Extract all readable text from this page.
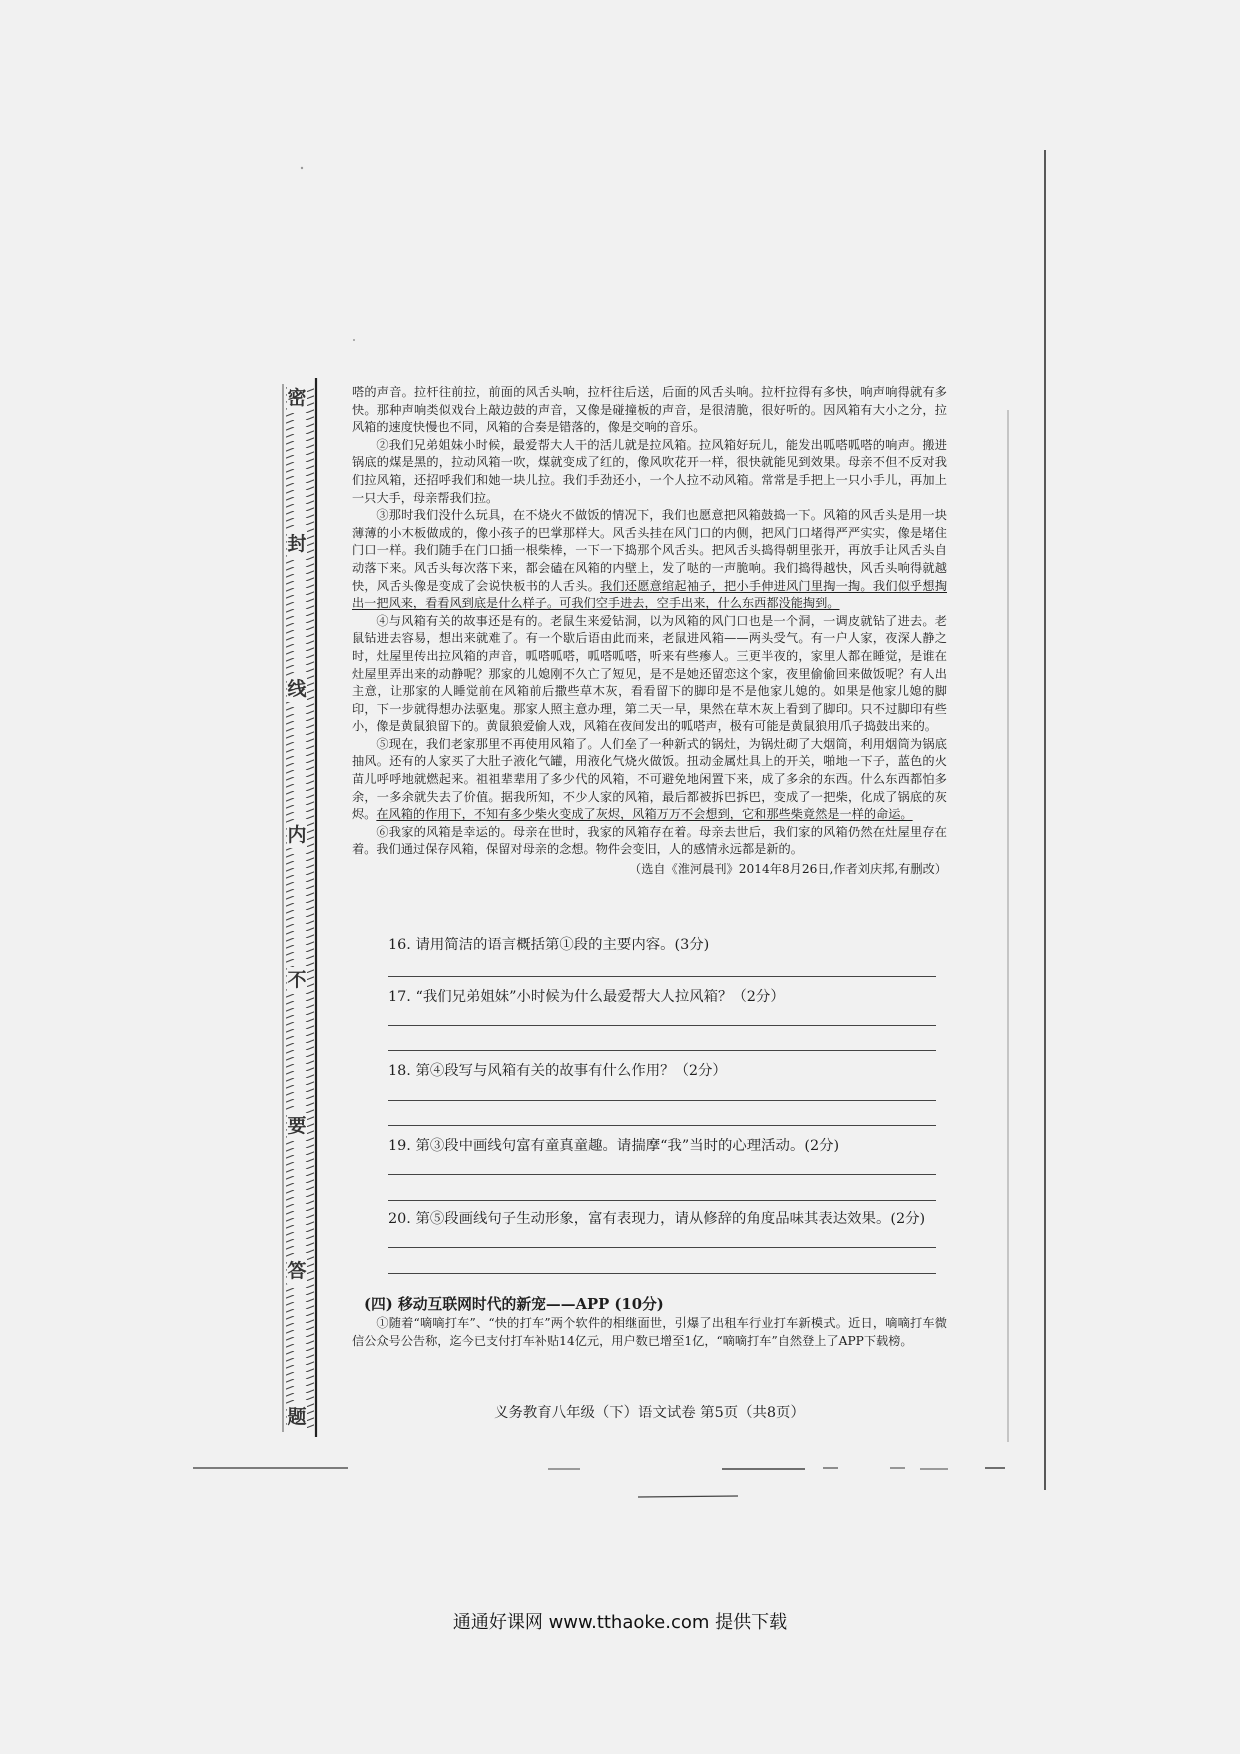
密
封
线
内
不
要
答
题

嗒的声音。拉杆往前拉，前面的风舌头响，拉杆往后送，后面的风舌头响。拉杆拉得有多快，响声响得就有多快。那种声响类似戏台上敲边鼓的声音，又像是碰撞板的声音，是很清脆，很好听的。因风箱有大小之分，拉风箱的速度快慢也不同，风箱的合奏是错落的，像是交响的音乐。

②我们兄弟姐妹小时候，最爱帮大人干的活儿就是拉风箱。拉风箱好玩儿，能发出呱嗒呱嗒的响声。搬进锅底的煤是黑的，拉动风箱一吹，煤就变成了红的，像风吹花开一样，很快就能见到效果。母亲不但不反对我们拉风箱，还招呼我们和她一块儿拉。我们手劲还小，一个人拉不动风箱。常常是手把上一只小手儿，再加上一只大手，母亲帮我们拉。

③那时我们没什么玩具，在不烧火不做饭的情况下，我们也愿意把风箱鼓捣一下。风箱的风舌头是用一块薄薄的小木板做成的，像小孩子的巴掌那样大。风舌头挂在风门口的内侧，把风门口堵得严严实实，像是堵住门口一样。我们随手在门口插一根柴棒，一下一下捣那个风舌头。把风舌头捣得朝里张开，再放手让风舌头自动落下来。风舌头每次落下来，都会磕在风箱的内壁上，发了哒的一声脆响。我们捣得越快，风舌头响得就越快，风舌头像是变成了会说快板书的人舌头。我们还愿意绾起袖子，把小手伸进风门里掏一掏。我们似乎想掏出一把风来，看看风到底是什么样子。可我们空手进去，空手出来，什么东西都没能掏到。

④与风箱有关的故事还是有的。老鼠生来爱钻洞，以为风箱的风门口也是一个洞，一调皮就钻了进去。老鼠钻进去容易，想出来就难了。有一个歇后语由此而来，老鼠进风箱——两头受气。有一户人家，夜深人静之时，灶屋里传出拉风箱的声音，呱嗒呱嗒，呱嗒呱嗒，听来有些瘆人。三更半夜的，家里人都在睡觉，是谁在灶屋里弄出来的动静呢？那家的儿媳刚不久亡了短见，是不是她还留恋这个家，夜里偷偷回来做饭呢？有人出主意，让那家的人睡觉前在风箱前后撒些草木灰，看看留下的脚印是不是他家儿媳的。如果是他家儿媳的脚印，下一步就得想办法驱鬼。那家人照主意办理，第二天一早，果然在草木灰上看到了脚印。只不过脚印有些小，像是黄鼠狼留下的。黄鼠狼爱偷人戏，风箱在夜间发出的呱嗒声，极有可能是黄鼠狼用爪子捣鼓出来的。

⑤现在，我们老家那里不再使用风箱了。人们垒了一种新式的锅灶，为锅灶砌了大烟筒，利用烟筒为锅底抽风。还有的人家买了大肚子液化气罐，用液化气烧火做饭。扭动金属灶具上的开关，啪地一下子，蓝色的火苗儿呼呼地就燃起来。祖祖辈辈用了多少代的风箱，不可避免地闲置下来，成了多余的东西。什么东西都怕多余，一多余就失去了价值。据我所知，不少人家的风箱，最后都被拆巴拆巴，变成了一把柴，化成了锅底的灰烬。在风箱的作用下，不知有多少柴火变成了灰烬，风箱万万不会想到，它和那些柴竟然是一样的命运。

⑥我家的风箱是幸运的。母亲在世时，我家的风箱存在着。母亲去世后，我们家的风箱仍然在灶屋里存在着。我们通过保存风箱，保留对母亲的念想。物件会变旧，人的感情永远都是新的。

（选自《淮河晨刊》2014年8月26日,作者刘庆邦,有删改）

16. 请用简洁的语言概括第①段的主要内容。(3分)
17. “我们兄弟姐妹”小时候为什么最爱帮大人拉风箱？（2分）
18. 第④段写与风箱有关的故事有什么作用？（2分）
19. 第③段中画线句富有童真童趣。请揣摩“我”当时的心理活动。(2分)
20. 第⑤段画线句子生动形象，富有表现力，请从修辞的角度品味其表达效果。(2分)

(四) 移动互联网时代的新宠——APP (10分)

①随着“嘀嘀打车”、“快的打车”两个软件的相继面世，引爆了出租车行业打车新模式。近日，嘀嘀打车微信公众号公告称，迄今已支付打车补贴14亿元，用户数已增至1亿，“嘀嘀打车”自然登上了APP下载榜。

义务教育八年级（下）语文试卷 第5页（共8页）
通通好课网 www.tthaoke.com 提供下载
